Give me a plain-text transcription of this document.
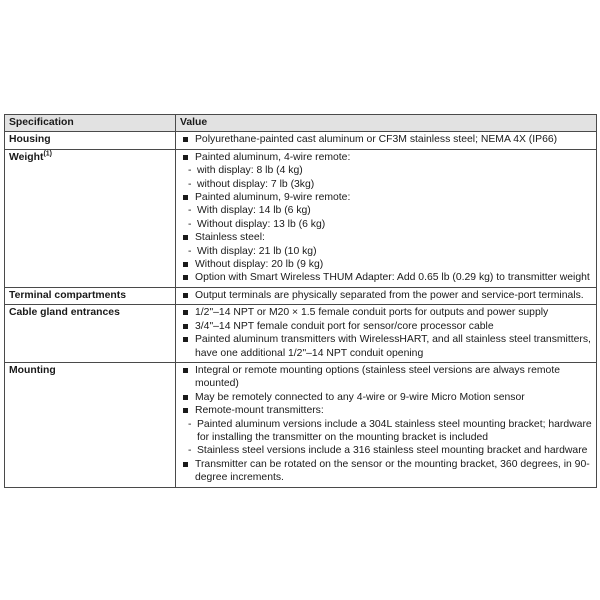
Specification	Value
Housing	Polyurethane-painted cast aluminum or CF3M stainless steel; NEMA 4X (IP66)

Weight$^{(1)}$	Painted aluminum, 4-wire remote:
- with display: 8 lb (4 kg)
- without display: 7 lb (3kg)
Painted aluminum, 9-wire remote:
- With display: 14 lb (6 kg)
- Without display: 13 lb (6 kg)
Stainless steel:
- With display: 21 lb (10 kg)
Without display: 20 lb (9 kg)
Option with Smart Wireless THUM Adapter: Add 0.65 lb (0.29 kg) to transmitter weight

Terminal compartments	Output terminals are physically separated from the power and service-port terminals.

Cable gland entrances	1/2"–14 NPT or M20 × 1.5 female conduit ports for outputs and power supply
3/4"–14 NPT female conduit port for sensor/core processor cable
Painted aluminum transmitters with WirelessHART, and all stainless steel transmitters, have one additional 1/2"–14 NPT conduit opening

Mounting	Integral or remote mounting options (stainless steel versions are always remote mounted)
May be remotely connected to any 4-wire or 9-wire Micro Motion sensor
Remote-mount transmitters:
- Painted aluminum versions include a 304L stainless steel mounting bracket; hardware for installing the transmitter on the mounting bracket is included
- Stainless steel versions include a 316 stainless steel mounting bracket and hardware
Transmitter can be rotated on the sensor or the mounting bracket, 360 degrees, in 90-degree increments.
